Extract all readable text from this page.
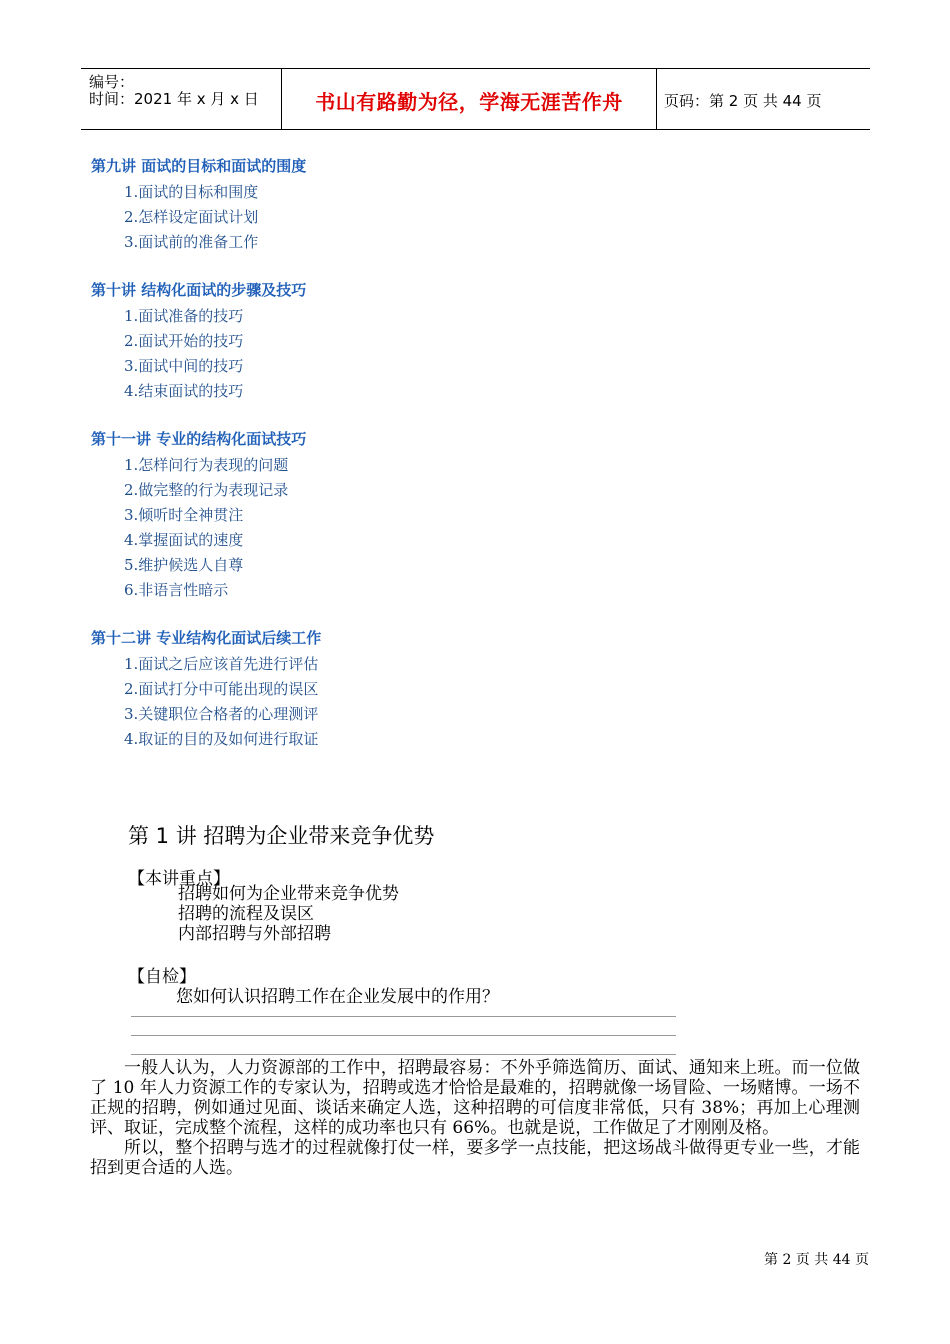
编号：
时间：2021 年 x 月 x 日	书山有路勤为径，学海无涯苦作舟	页码：第 2 页 共 44 页
第九讲 面试的目标和面试的围度
1.面试的目标和围度
2.怎样设定面试计划
3.面试前的准备工作
第十讲 结构化面试的步骤及技巧
1.面试准备的技巧
2.面试开始的技巧
3.面试中间的技巧
4.结束面试的技巧
第十一讲 专业的结构化面试技巧
1.怎样问行为表现的问题
2.做完整的行为表现记录
3.倾听时全神贯注
4.掌握面试的速度
5.维护候选人自尊
6.非语言性暗示
第十二讲 专业结构化面试后续工作
1.面试之后应该首先进行评估
2.面试打分中可能出现的误区
3.关键职位合格者的心理测评
4.取证的目的及如何进行取证
第 1 讲 招聘为企业带来竞争优势
【本讲重点】
招聘如何为企业带来竞争优势
招聘的流程及误区
内部招聘与外部招聘
【自检】
您如何认识招聘工作在企业发展中的作用？

一般人认为，人力资源部的工作中，招聘最容易：不外乎筛选简历、面试、通知来上班。而一位做了 10 年人力资源工作的专家认为，招聘或选才恰恰是最难的，招聘就像一场冒险、一场赌博。一场不正规的招聘，例如通过见面、谈话来确定人选，这种招聘的可信度非常低，只有 38%；再加上心理测评、取证，完成整个流程，这样的成功率也只有 66%。也就是说，工作做足了才刚刚及格。

所以，整个招聘与选才的过程就像打仗一样，要多学一点技能，把这场战斗做得更专业一些，才能招到更合适的人选。

第 2 页 共 44 页
